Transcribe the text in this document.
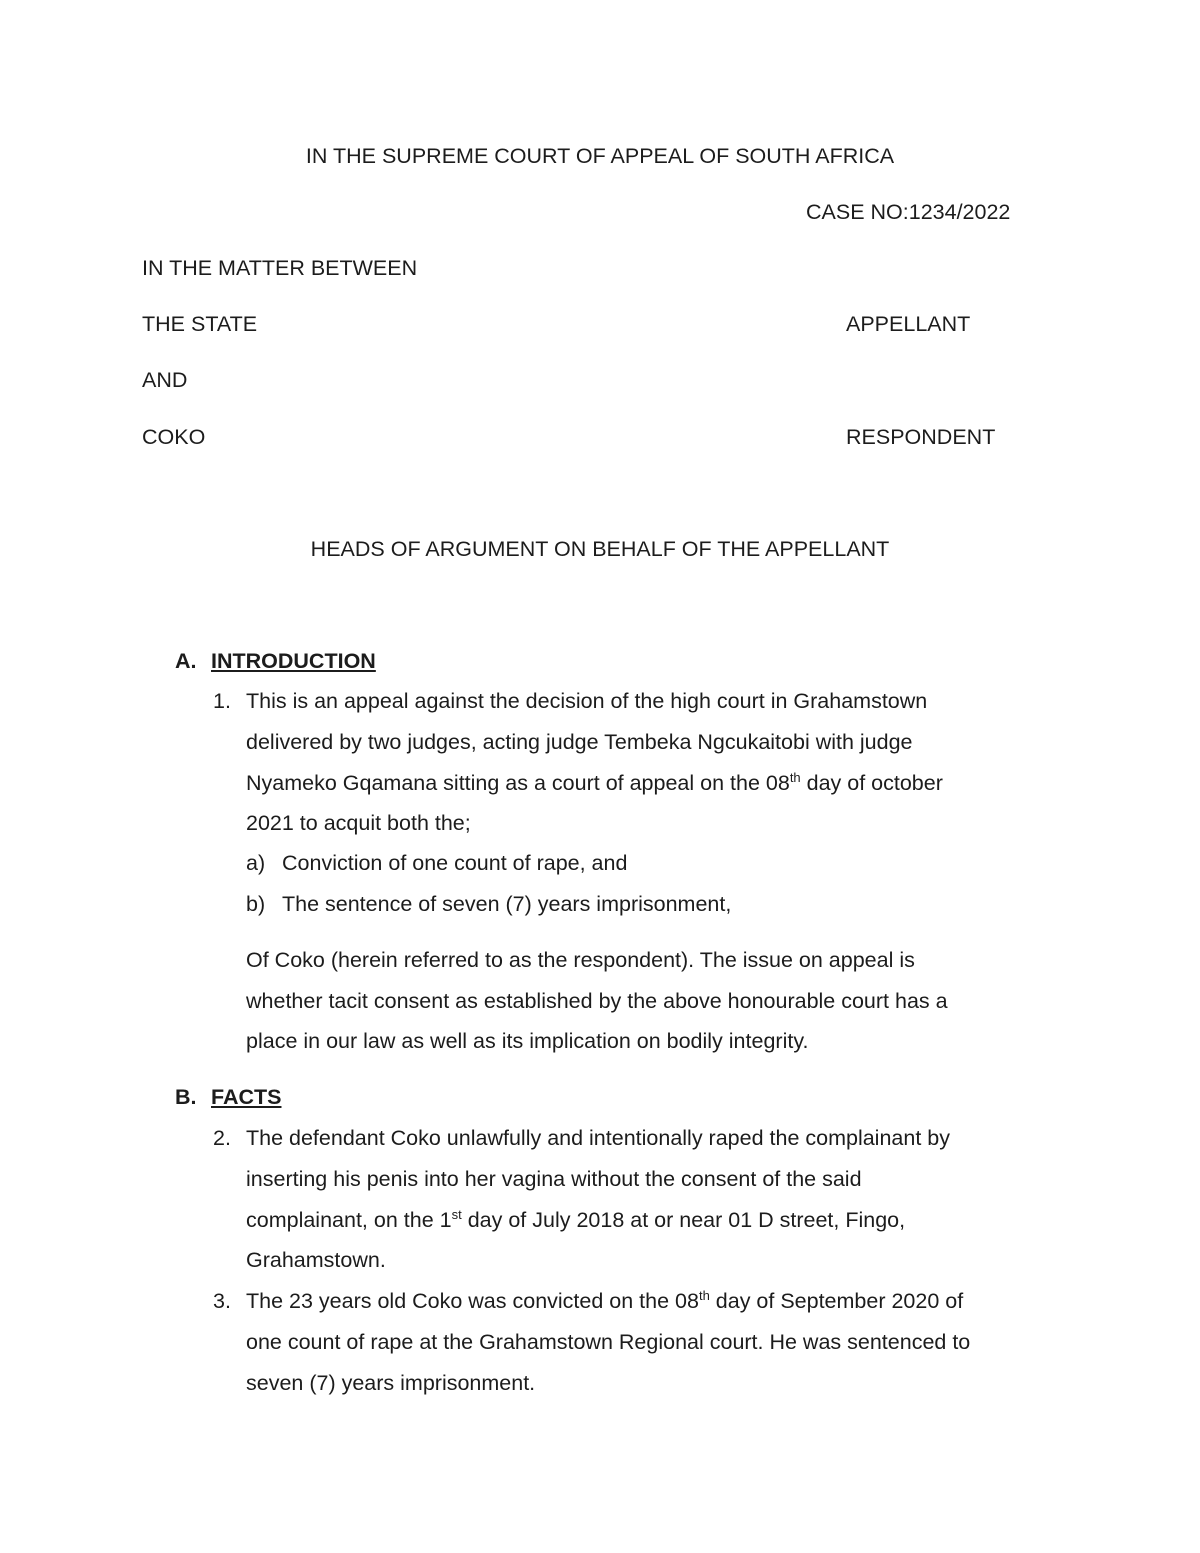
IN THE SUPREME COURT OF APPEAL OF SOUTH AFRICA
CASE NO:1234/2022
IN THE MATTER BETWEEN
THE STATE	APPELLANT
AND
COKO	RESPONDENT
HEADS OF ARGUMENT ON BEHALF OF THE APPELLANT
A. INTRODUCTION
1. This is an appeal against the decision of the high court in Grahamstown
delivered by two judges, acting judge Tembeka Ngcukaitobi with judge
Nyameko Gqamana sitting as a court of appeal on the 08th day of october
2021 to acquit both the;
a) Conviction of one count of rape, and
b) The sentence of seven (7) years imprisonment,
Of Coko (herein referred to as the respondent). The issue on appeal is
whether tacit consent as established by the above honourable court has a
place in our law as well as its implication on bodily integrity.
B. FACTS
2. The defendant Coko unlawfully and intentionally raped the complainant by
inserting his penis into her vagina without the consent of the said
complainant, on the 1st day of July 2018 at or near 01 D street, Fingo,
Grahamstown.
3. The 23 years old Coko was convicted on the 08th day of September 2020 of
one count of rape at the Grahamstown Regional court. He was sentenced to
seven (7) years imprisonment.
